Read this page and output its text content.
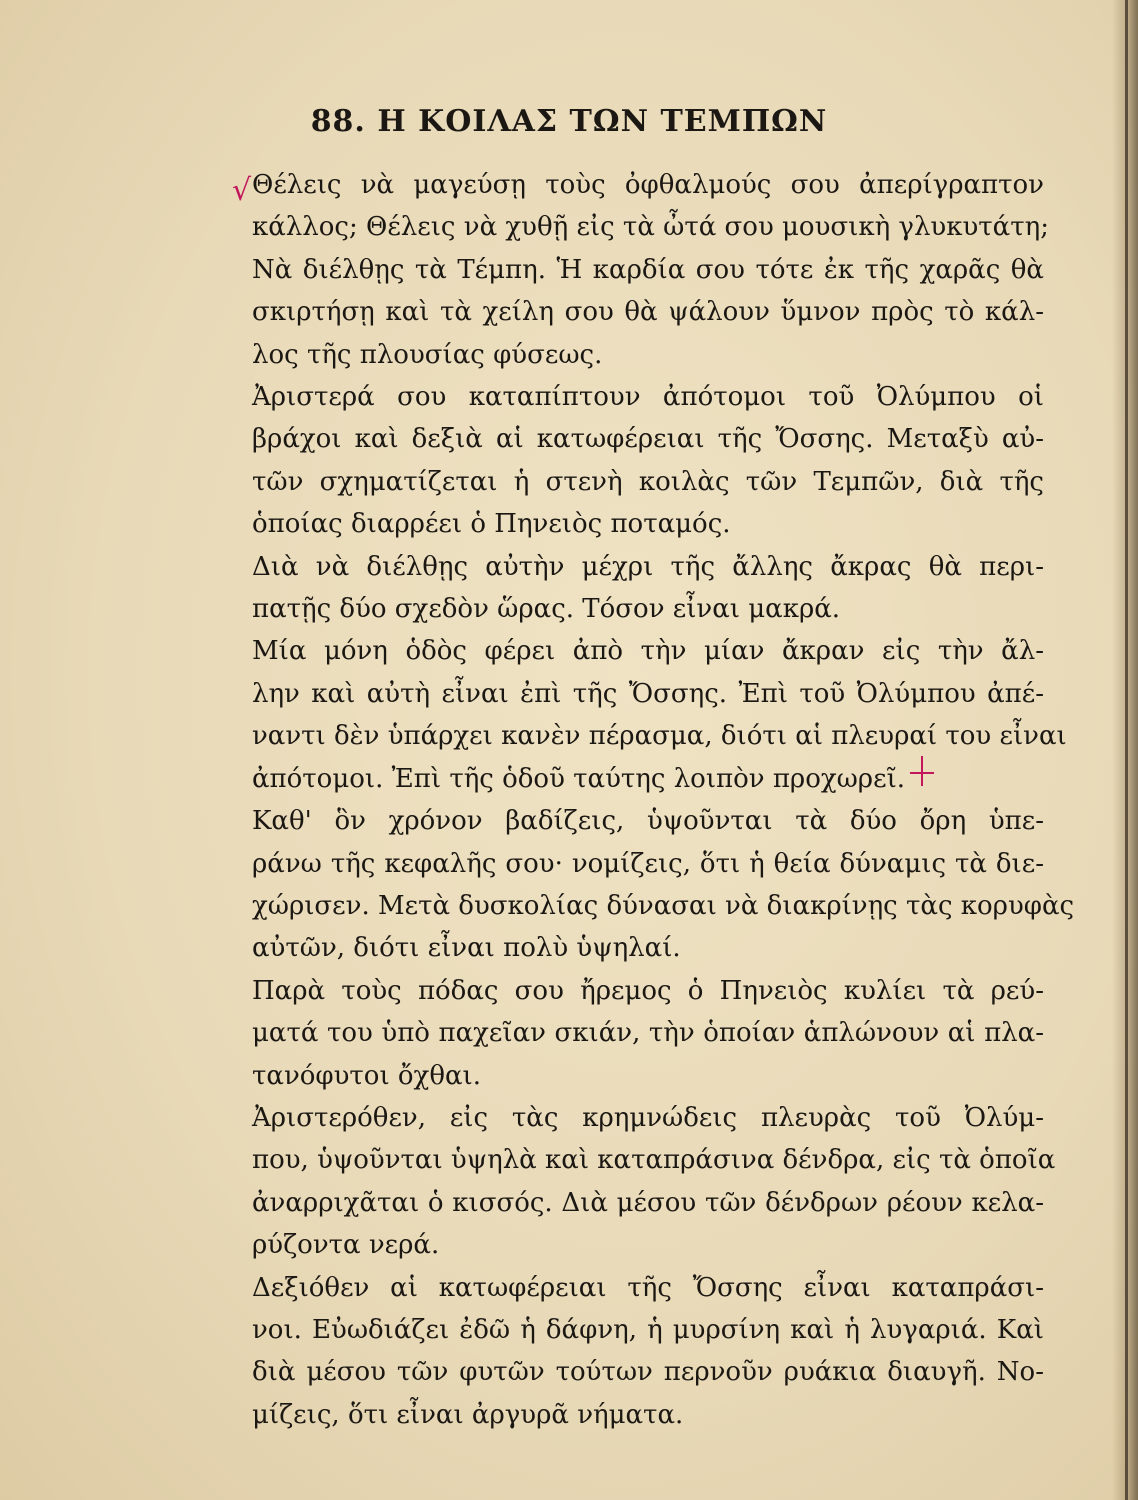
88. Η ΚΟΙΛΑΣ ΤΩΝ ΤΕΜΠΩΝ
√ Θέλεις νὰ μαγεύσῃ τοὺς ὀφθαλμούς σου ἀπερίγραπτον
κάλλος; Θέλεις νὰ χυθῇ εἰς τὰ ὦτά σου μουσικὴ γλυκυτάτη;
Νὰ διέλθῃς τὰ Τέμπη. Ἡ καρδία σου τότε ἐκ τῆς χαρᾶς θὰ
σκιρτήσῃ καὶ τὰ χείλη σου θὰ ψάλουν ὕμνον πρὸς τὸ κάλ-
λος τῆς πλουσίας φύσεως.

Ἀριστερά σου καταπίπτουν ἀπότομοι τοῦ Ὀλύμπου οἱ
βράχοι καὶ δεξιὰ αἱ κατωφέρειαι τῆς Ὄσσης. Μεταξὺ αὐ-
τῶν σχηματίζεται ἡ στενὴ κοιλὰς τῶν Τεμπῶν, διὰ τῆς
ὁποίας διαρρέει ὁ Πηνειὸς ποταμός.

Διὰ νὰ διέλθῃς αὐτὴν μέχρι τῆς ἄλλης ἄκρας θὰ περι-
πατῇς δύο σχεδὸν ὥρας. Τόσον εἶναι μακρά.

Μία μόνη ὁδὸς φέρει ἀπὸ τὴν μίαν ἄκραν εἰς τὴν ἄλ-
λην καὶ αὐτὴ εἶναι ἐπὶ τῆς Ὄσσης. Ἐπὶ τοῦ Ὀλύμπου ἀπέ-
ναντι δὲν ὑπάρχει κανὲν πέρασμα, διότι αἱ πλευραί του εἶναι
ἀπότομοι. Ἐπὶ τῆς ὁδοῦ ταύτης λοιπὸν προχωρεῖ.

Καθ' ὃν χρόνον βαδίζεις, ὑψοῦνται τὰ δύο ὄρη ὑπε-
ράνω τῆς κεφαλῆς σου· νομίζεις, ὅτι ἡ θεία δύναμις τὰ διε-
χώρισεν. Μετὰ δυσκολίας δύνασαι νὰ διακρίνῃς τὰς κορυφὰς
αὐτῶν, διότι εἶναι πολὺ ὑψηλαί.

Παρὰ τοὺς πόδας σου ἤρεμος ὁ Πηνειὸς κυλίει τὰ ρεύ-
ματά του ὑπὸ παχεῖαν σκιάν, τὴν ὁποίαν ἁπλώνουν αἱ πλα-
τανόφυτοι ὄχθαι.

Ἀριστερόθεν, εἰς τὰς κρημνώδεις πλευρὰς τοῦ Ὀλύμ-
που, ὑψοῦνται ὑψηλὰ καὶ καταπράσινα δένδρα, εἰς τὰ ὁποῖα
ἀναρριχᾶται ὁ κισσός. Διὰ μέσου τῶν δένδρων ρέουν κελα-
ρύζοντα νερά.

Δεξιόθεν αἱ κατωφέρειαι τῆς Ὄσσης εἶναι καταπράσι-
νοι. Εὐωδιάζει ἐδῶ ἡ δάφνη, ἡ μυρσίνη καὶ ἡ λυγαριά. Καὶ
διὰ μέσου τῶν φυτῶν τούτων περνοῦν ρυάκια διαυγῆ. Νο-
μίζεις, ὅτι εἶναι ἀργυρᾶ νήματα.
